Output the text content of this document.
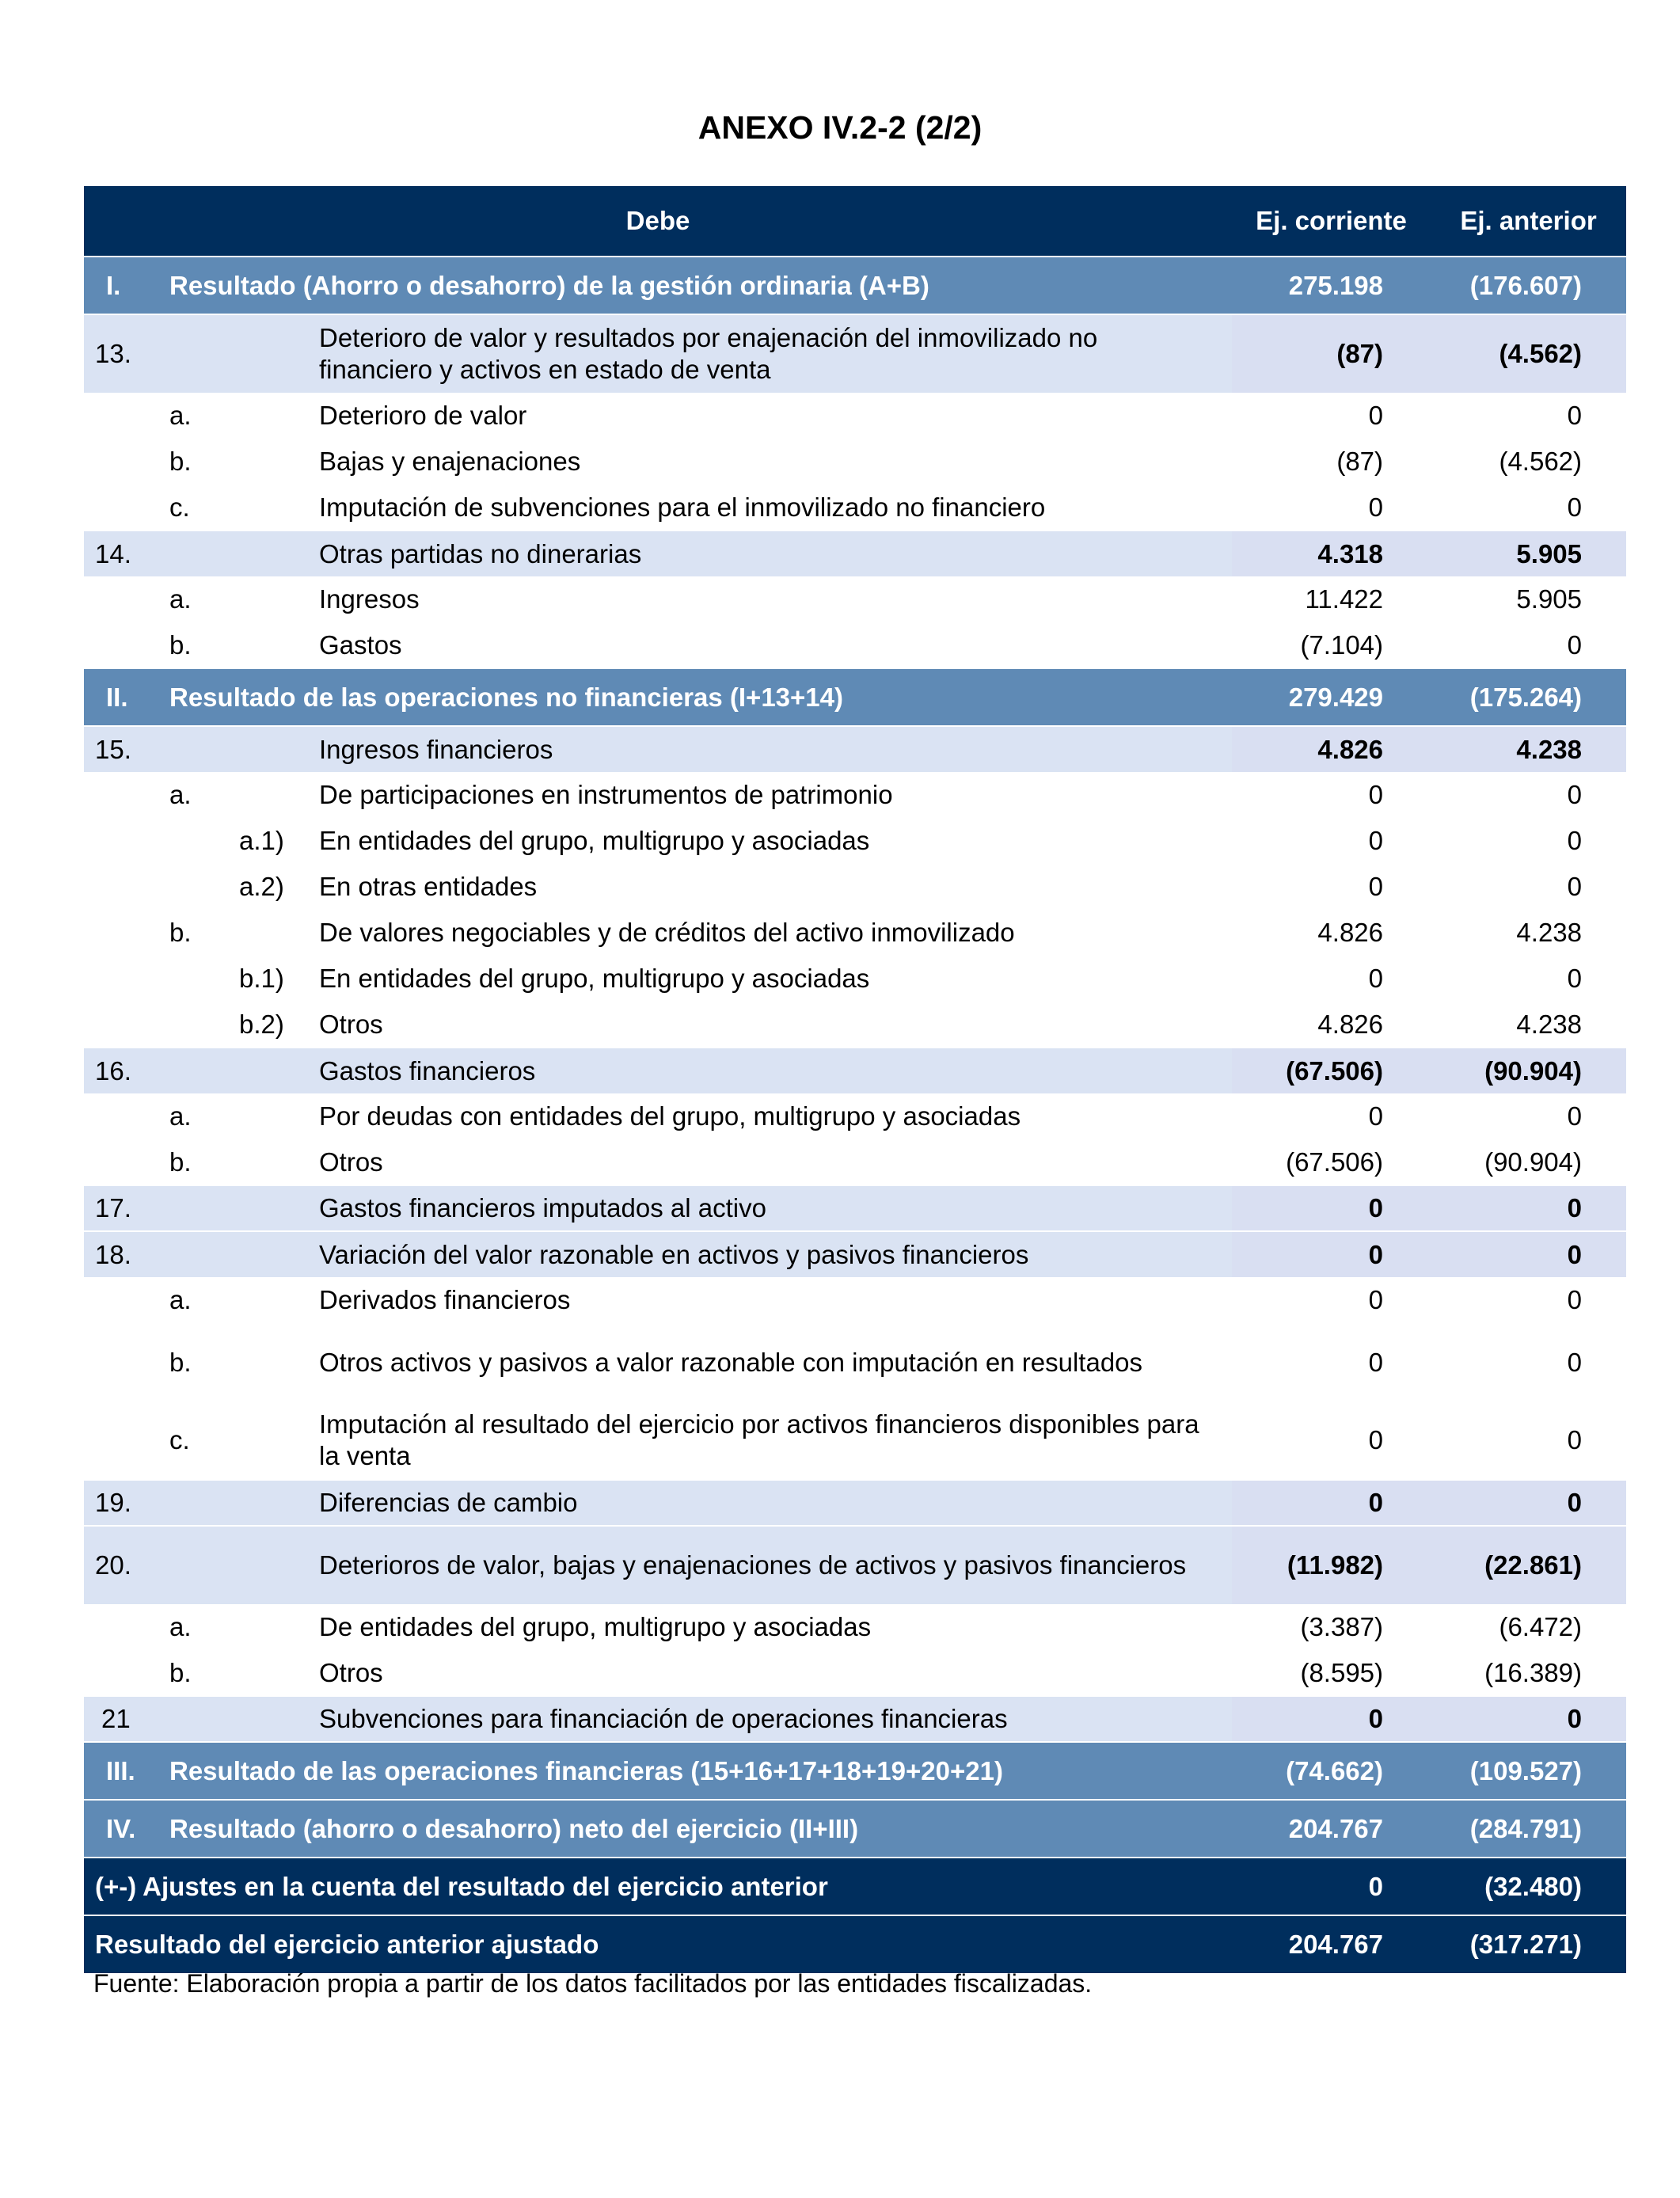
ANEXO IV.2-2 (2/2)
Debe		Ej. corriente	Ej. anterior
I. Resultado (Ahorro o desahorro) de la gestión ordinaria (A+B)		275.198	(176.607)
13.	Deterioro de valor y resultados por enajenación del inmovilizado no financiero y activos en estado de venta	(87)	(4.562)
a.	Deterioro de valor	0	0
b.	Bajas y enajenaciones	(87)	(4.562)
c.	Imputación de subvenciones para el inmovilizado no financiero	0	0
14.	Otras partidas no dinerarias	4.318	5.905
a.	Ingresos	11.422	5.905
b.	Gastos	(7.104)	0
II. Resultado de las operaciones no financieras (I+13+14)		279.429	(175.264)
15.	Ingresos financieros	4.826	4.238
a.	De participaciones en instrumentos de patrimonio	0	0
a.1)	En entidades del grupo, multigrupo y asociadas	0	0
a.2)	En otras entidades	0	0
b.	De valores negociables y de créditos del activo inmovilizado	4.826	4.238
b.1)	En entidades del grupo, multigrupo y asociadas	0	0
b.2)	Otros	4.826	4.238
16.	Gastos financieros	(67.506)	(90.904)
a.	Por deudas con entidades del grupo, multigrupo y asociadas	0	0
b.	Otros	(67.506)	(90.904)
17.	Gastos financieros imputados al activo	0	0
18.	Variación del valor razonable en activos y pasivos financieros	0	0
a.	Derivados financieros	0	0
b.	Otros activos y pasivos a valor razonable con imputación en resultados	0	0
c.	Imputación al resultado del ejercicio por activos financieros disponibles para la venta	0	0
19.	Diferencias de cambio	0	0
20.	Deterioros de valor, bajas y enajenaciones de activos y pasivos financieros	(11.982)	(22.861)
a.	De entidades del grupo, multigrupo y asociadas	(3.387)	(6.472)
b.	Otros	(8.595)	(16.389)
21	Subvenciones para financiación de operaciones financieras	0	0
III. Resultado de las operaciones financieras (15+16+17+18+19+20+21)		(74.662)	(109.527)
IV. Resultado (ahorro o desahorro) neto del ejercicio (II+III)		204.767	(284.791)
(+-) Ajustes en la cuenta del resultado del ejercicio anterior		0	(32.480)
Resultado del ejercicio anterior ajustado		204.767	(317.271)
Fuente: Elaboración propia a partir de los datos facilitados por las entidades fiscalizadas.
